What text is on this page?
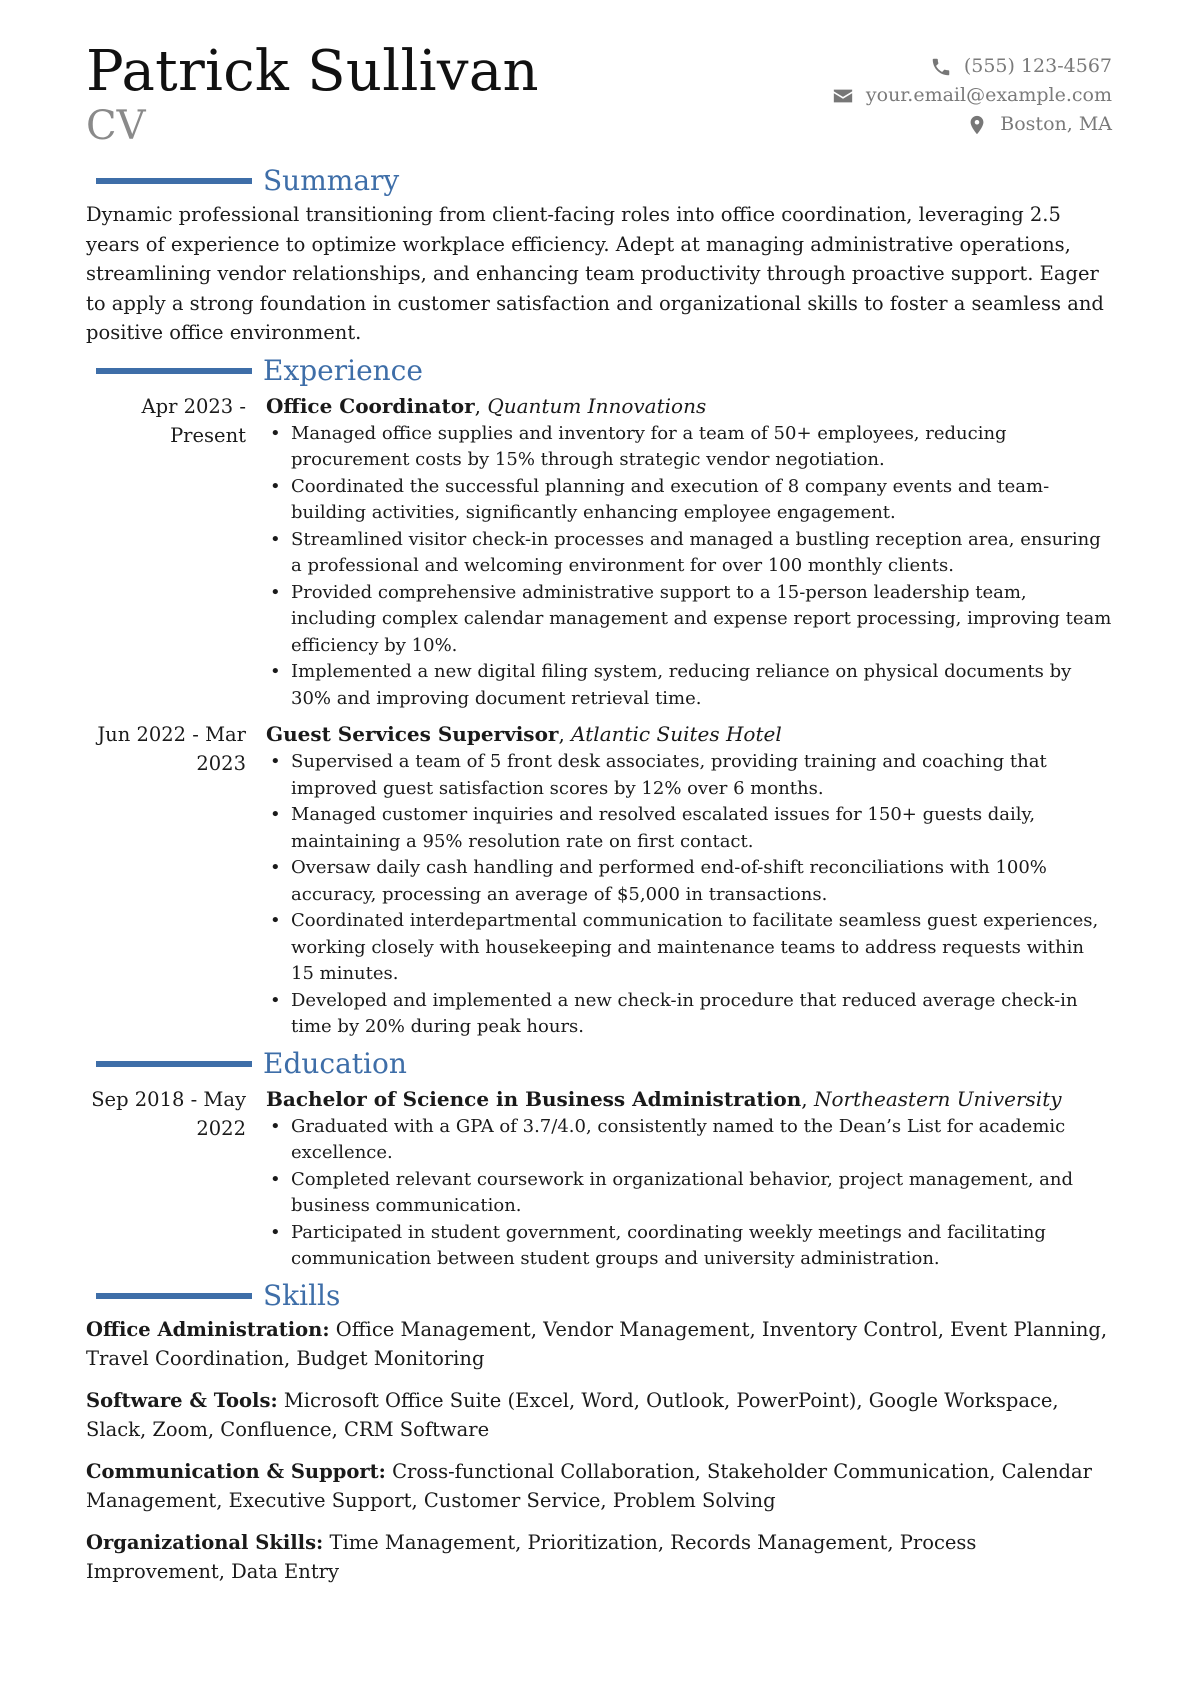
Patrick Sullivan
CV
(555) 123-4567
your.email@example.com
Boston, MA
Summary

Dynamic professional transitioning from client-facing roles into office coordination, leveraging 2.5 years of experience to optimize workplace efficiency. Adept at managing administrative operations, streamlining vendor relationships, and enhancing team productivity through proactive support. Eager to apply a strong foundation in customer satisfaction and organizational skills to foster a seamless and positive office environment.

Experience
Apr 2023 - Present
Office Coordinator, Quantum Innovations
• Managed office supplies and inventory for a team of 50+ employees, reducing procurement costs by 15% through strategic vendor negotiation.
• Coordinated the successful planning and execution of 8 company events and team-building activities, significantly enhancing employee engagement.
• Streamlined visitor check-in processes and managed a bustling reception area, ensuring a professional and welcoming environment for over 100 monthly clients.
• Provided comprehensive administrative support to a 15-person leadership team, including complex calendar management and expense report processing, improving team efficiency by 10%.
• Implemented a new digital filing system, reducing reliance on physical documents by 30% and improving document retrieval time.
Jun 2022 - Mar 2023
Guest Services Supervisor, Atlantic Suites Hotel
• Supervised a team of 5 front desk associates, providing training and coaching that improved guest satisfaction scores by 12% over 6 months.
• Managed customer inquiries and resolved escalated issues for 150+ guests daily, maintaining a 95% resolution rate on first contact.
• Oversaw daily cash handling and performed end-of-shift reconciliations with 100% accuracy, processing an average of $5,000 in transactions.
• Coordinated interdepartmental communication to facilitate seamless guest experiences, working closely with housekeeping and maintenance teams to address requests within 15 minutes.
• Developed and implemented a new check-in procedure that reduced average check-in time by 20% during peak hours.
Education
Sep 2018 - May 2022
Bachelor of Science in Business Administration, Northeastern University
• Graduated with a GPA of 3.7/4.0, consistently named to the Dean’s List for academic excellence.
• Completed relevant coursework in organizational behavior, project management, and business communication.
• Participated in student government, coordinating weekly meetings and facilitating communication between student groups and university administration.
Skills

Office Administration: Office Management, Vendor Management, Inventory Control, Event Planning, Travel Coordination, Budget Monitoring

Software & Tools: Microsoft Office Suite (Excel, Word, Outlook, PowerPoint), Google Workspace, Slack, Zoom, Confluence, CRM Software

Communication & Support: Cross-functional Collaboration, Stakeholder Communication, Calendar Management, Executive Support, Customer Service, Problem Solving

Organizational Skills: Time Management, Prioritization, Records Management, Process Improvement, Data Entry
